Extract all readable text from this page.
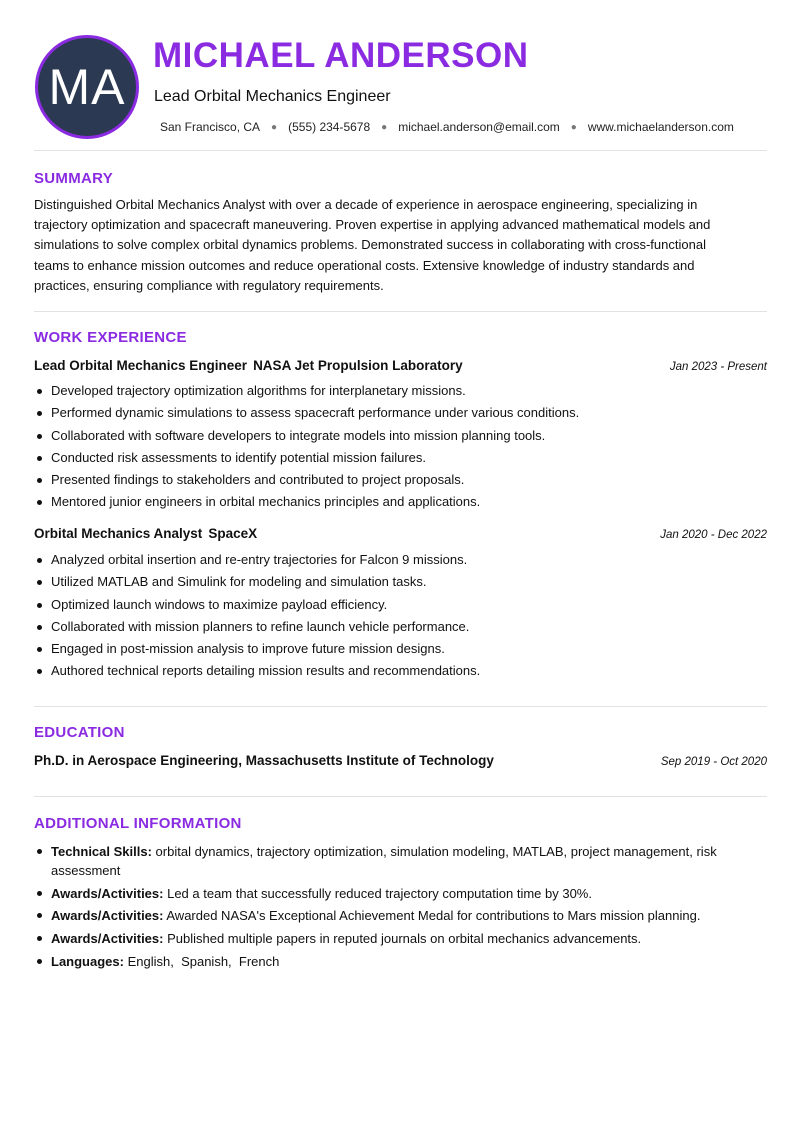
MA
MICHAEL ANDERSON
Lead Orbital Mechanics Engineer
San Francisco, CA ● (555) 234-5678 ● michael.anderson@email.com ● www.michaelanderson.com
SUMMARY
Distinguished Orbital Mechanics Analyst with over a decade of experience in aerospace engineering, specializing in trajectory optimization and spacecraft maneuvering. Proven expertise in applying advanced mathematical models and simulations to solve complex orbital dynamics problems. Demonstrated success in collaborating with cross-functional teams to enhance mission outcomes and reduce operational costs. Extensive knowledge of industry standards and practices, ensuring compliance with regulatory requirements.
WORK EXPERIENCE
Lead Orbital Mechanics Engineer NASA Jet Propulsion Laboratory	Jan 2023 - Present
Developed trajectory optimization algorithms for interplanetary missions.
Performed dynamic simulations to assess spacecraft performance under various conditions.
Collaborated with software developers to integrate models into mission planning tools.
Conducted risk assessments to identify potential mission failures.
Presented findings to stakeholders and contributed to project proposals.
Mentored junior engineers in orbital mechanics principles and applications.
Orbital Mechanics Analyst SpaceX	Jan 2020 - Dec 2022
Analyzed orbital insertion and re-entry trajectories for Falcon 9 missions.
Utilized MATLAB and Simulink for modeling and simulation tasks.
Optimized launch windows to maximize payload efficiency.
Collaborated with mission planners to refine launch vehicle performance.
Engaged in post-mission analysis to improve future mission designs.
Authored technical reports detailing mission results and recommendations.
EDUCATION
Ph.D. in Aerospace Engineering, Massachusetts Institute of Technology	Sep 2019 - Oct 2020
ADDITIONAL INFORMATION
Technical Skills: orbital dynamics, trajectory optimization, simulation modeling, MATLAB, project management, risk assessment
Awards/Activities: Led a team that successfully reduced trajectory computation time by 30%.
Awards/Activities: Awarded NASA's Exceptional Achievement Medal for contributions to Mars mission planning.
Awards/Activities: Published multiple papers in reputed journals on orbital mechanics advancements.
Languages: English,  Spanish,  French
